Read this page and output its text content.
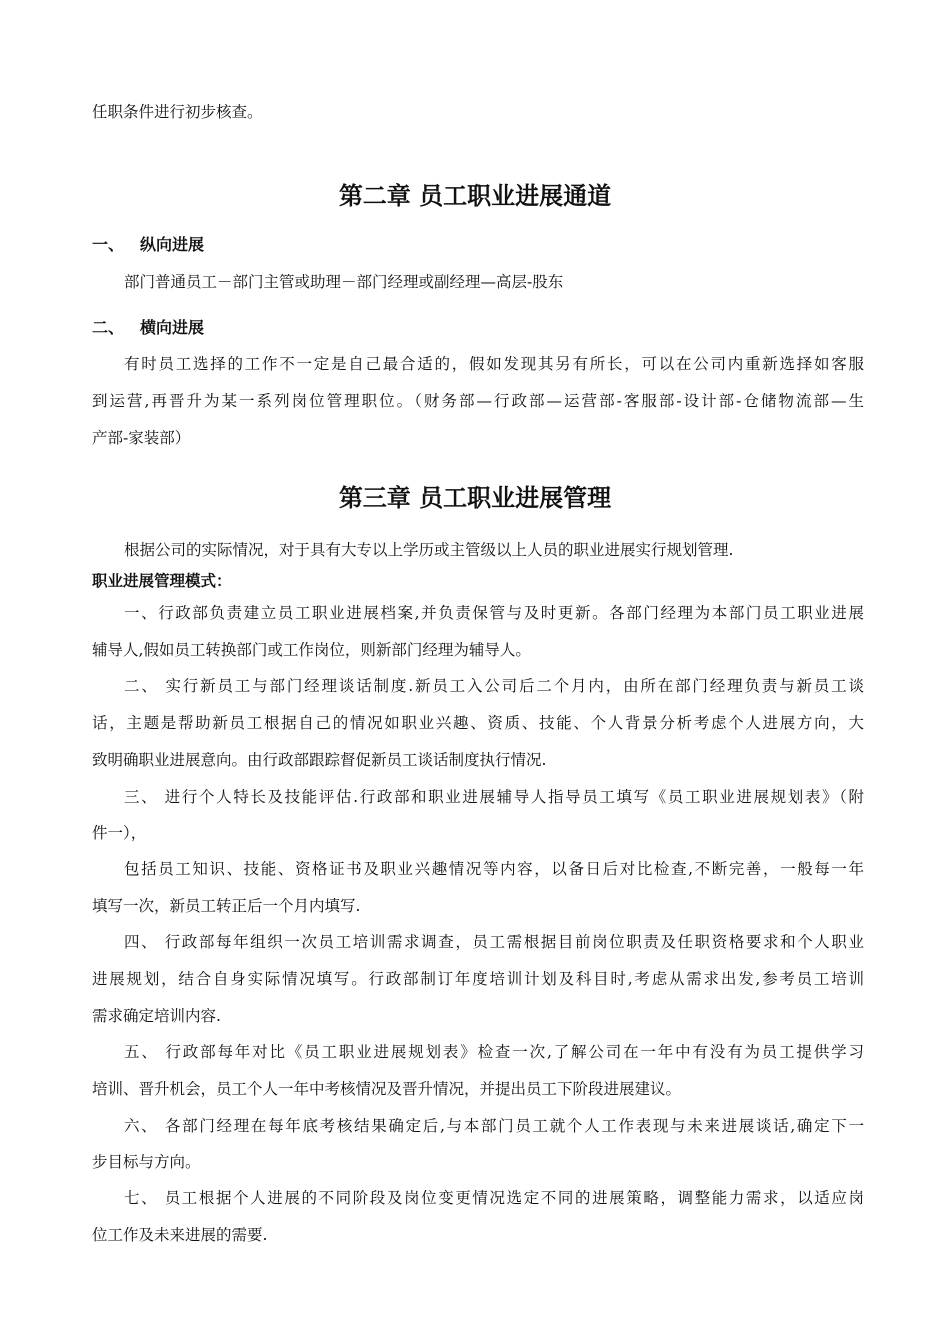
任职条件进行初步核查。
第二章 员工职业进展通道
一、 纵向进展
部门普通员工－部门主管或助理－部门经理或副经理—高层-股东
二、 横向进展
有时员工选择的工作不一定是自己最合适的，假如发现其另有所长，可以在公司内重新选择如客服
到运营,再晋升为某一系列岗位管理职位。（财务部—行政部—运营部-客服部-设计部-仓储物流部—生
产部-家装部）
第三章 员工职业进展管理
根据公司的实际情况，对于具有大专以上学历或主管级以上人员的职业进展实行规划管理.
职业进展管理模式：
一、行政部负责建立员工职业进展档案,并负责保管与及时更新。各部门经理为本部门员工职业进展
辅导人,假如员工转换部门或工作岗位，则新部门经理为辅导人。
二、 实行新员工与部门经理谈话制度.新员工入公司后二个月内，由所在部门经理负责与新员工谈
话，主题是帮助新员工根据自己的情况如职业兴趣、资质、技能、个人背景分析考虑个人进展方向，大
致明确职业进展意向。由行政部跟踪督促新员工谈话制度执行情况.
三、 进行个人特长及技能评估.行政部和职业进展辅导人指导员工填写《员工职业进展规划表》（附
件一），
包括员工知识、技能、资格证书及职业兴趣情况等内容，以备日后对比检查,不断完善，一般每一年
填写一次，新员工转正后一个月内填写.
四、 行政部每年组织一次员工培训需求调查，员工需根据目前岗位职责及任职资格要求和个人职业
进展规划，结合自身实际情况填写。行政部制订年度培训计划及科目时,考虑从需求出发,参考员工培训
需求确定培训内容.
五、 行政部每年对比《员工职业进展规划表》检查一次,了解公司在一年中有没有为员工提供学习
培训、晋升机会，员工个人一年中考核情况及晋升情况，并提出员工下阶段进展建议。
六、 各部门经理在每年底考核结果确定后,与本部门员工就个人工作表现与未来进展谈话,确定下一
步目标与方向。
七、 员工根据个人进展的不同阶段及岗位变更情况选定不同的进展策略，调整能力需求，以适应岗
位工作及未来进展的需要.
